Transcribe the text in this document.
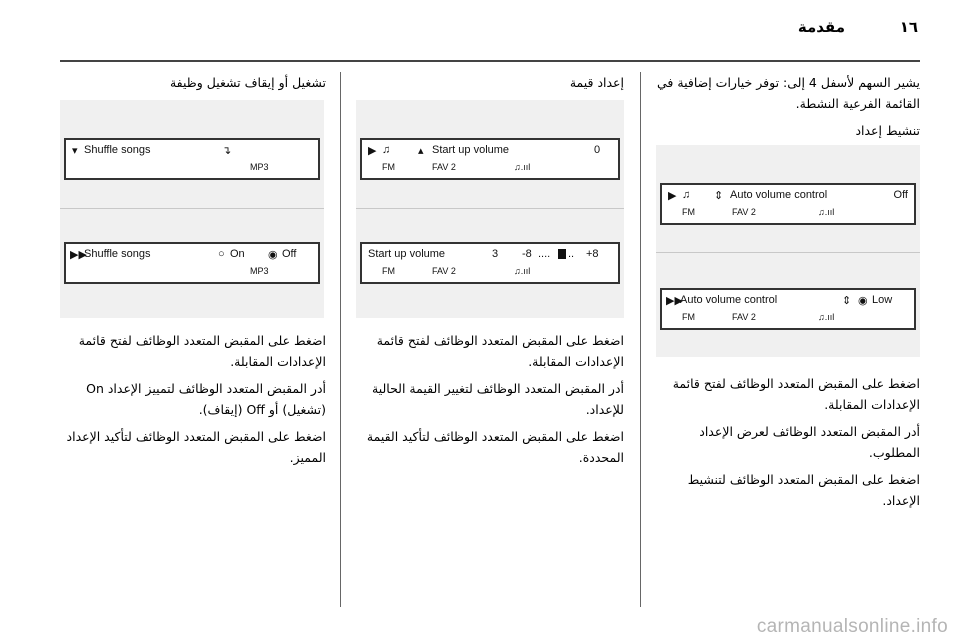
مقدمة	١٦

يشير السهم لأسفل 4 إلى: توفر خيارات إضافية في القائمة الفرعية النشطة.

تنشيط إعداد

▶ ♫ ⇕ Auto volume control	Off
FM	FAV 2	♫.ııl
▶▶
Auto volume control	⇕ ◉ Low
FM	FAV 2	♫.ııl

اضغط على المقبض المتعدد الوظائف لفتح قائمة الإعدادات المقابلة.

أدر المقبض المتعدد الوظائف لعرض الإعداد المطلوب.

اضغط على المقبض المتعدد الوظائف لتنشيط الإعداد.

إعداد قيمة

▶ ♫	▴ Start up volume	0
FM	FAV 2	♫.ııl
Start up volume	3 -8 .... .. +8
FM	FAV 2	♫.ııl

اضغط على المقبض المتعدد الوظائف لفتح قائمة الإعدادات المقابلة.

أدر المقبض المتعدد الوظائف لتغيير القيمة الحالية للإعداد.

اضغط على المقبض المتعدد الوظائف لتأكيد القيمة المحددة.

تشغيل أو إيقاف تشغيل وظيفة

▾ Shuffle songs	↴
MP3
▶▶
Shuffle songs	○ On ◉ Off
MP3

اضغط على المقبض المتعدد الوظائف لفتح قائمة الإعدادات المقابلة.

أدر المقبض المتعدد الوظائف لتمييز الإعداد On (تشغيل) أو Off (إيقاف).

اضغط على المقبض المتعدد الوظائف لتأكيد الإعداد المميز.

carmanualsonline.info
